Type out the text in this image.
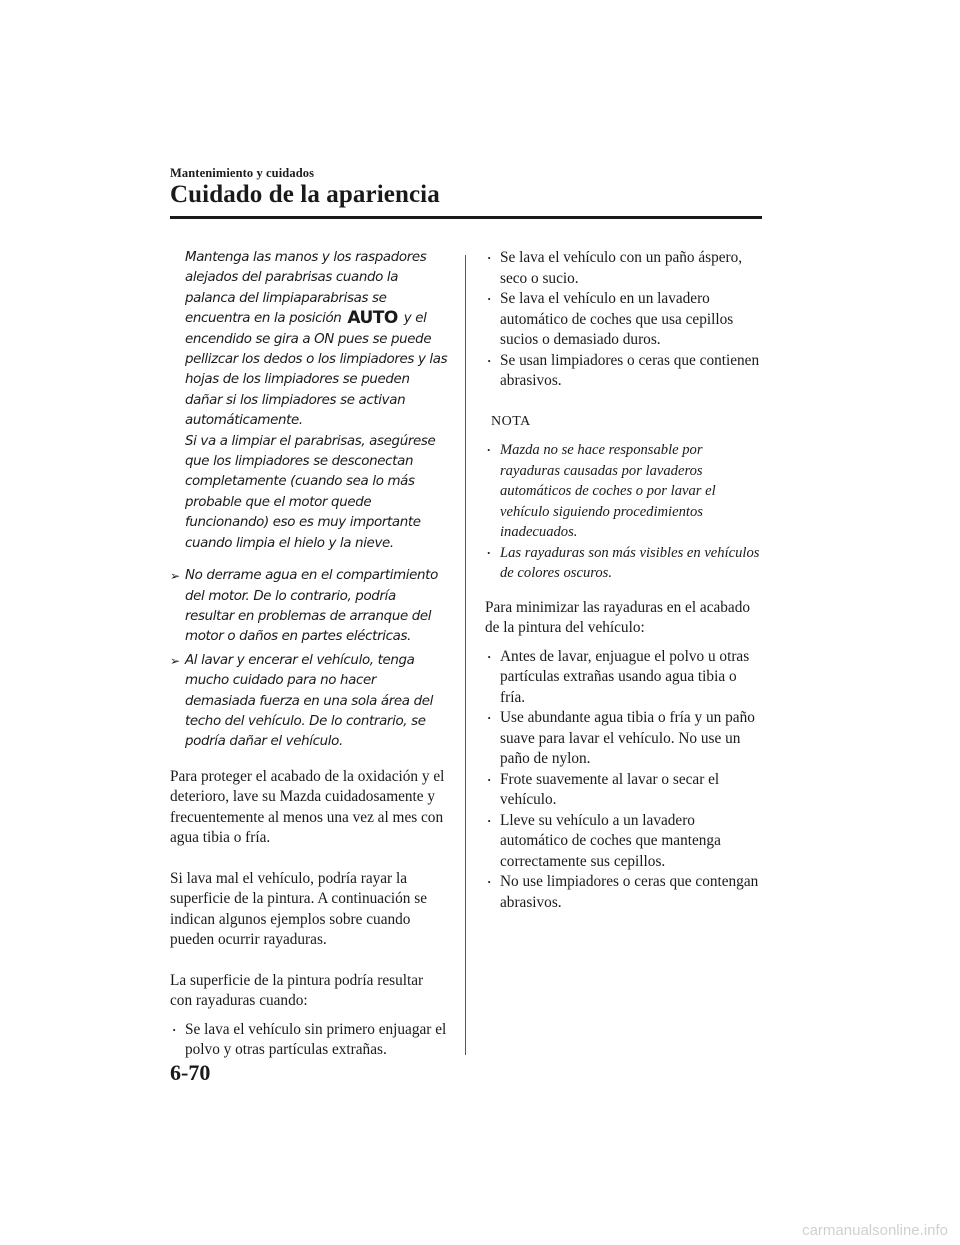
Mantenimiento y cuidados
Cuidado de la apariencia

Mantenga las manos y los raspadores alejados del parabrisas cuando la palanca del limpiaparabrisas se encuentra en la posición AUTO y el encendido se gira a ON pues se puede pellizcar los dedos o los limpiadores y las hojas de los limpiadores se pueden dañar si los limpiadores se activan automáticamente.

Si va a limpiar el parabrisas, asegúrese que los limpiadores se desconectan completamente (cuando sea lo más probable que el motor quede funcionando) eso es muy importante cuando limpia el hielo y la nieve.

➢ No derrame agua en el compartimiento del motor. De lo contrario, podría resultar en problemas de arranque del motor o daños en partes eléctricas.
➢ Al lavar y encerar el vehículo, tenga mucho cuidado para no hacer demasiada fuerza en una sola área del techo del vehículo. De lo contrario, se podría dañar el vehículo.

Para proteger el acabado de la oxidación y el deterioro, lave su Mazda cuidadosamente y frecuentemente al menos una vez al mes con agua tibia o fría.

Si lava mal el vehículo, podría rayar la superficie de la pintura. A continuación se indican algunos ejemplos sobre cuando pueden ocurrir rayaduras.

La superficie de la pintura podría resultar con rayaduras cuando:

· Se lava el vehículo sin primero enjuagar el polvo y otras partículas extrañas.
· Se lava el vehículo con un paño áspero, seco o sucio.
· Se lava el vehículo en un lavadero automático de coches que usa cepillos sucios o demasiado duros.
· Se usan limpiadores o ceras que contienen abrasivos.
NOTA
· Mazda no se hace responsable por rayaduras causadas por lavaderos automáticos de coches o por lavar el vehículo siguiendo procedimientos inadecuados.
· Las rayaduras son más visibles en vehículos de colores oscuros.

Para minimizar las rayaduras en el acabado de la pintura del vehículo:

· Antes de lavar, enjuague el polvo u otras partículas extrañas usando agua tibia o fría.
· Use abundante agua tibia o fría y un paño suave para lavar el vehículo. No use un paño de nylon.
· Frote suavemente al lavar o secar el vehículo.
· Lleve su vehículo a un lavadero automático de coches que mantenga correctamente sus cepillos.
· No use limpiadores o ceras que contengan abrasivos.
6-70
carmanualsonline.info
